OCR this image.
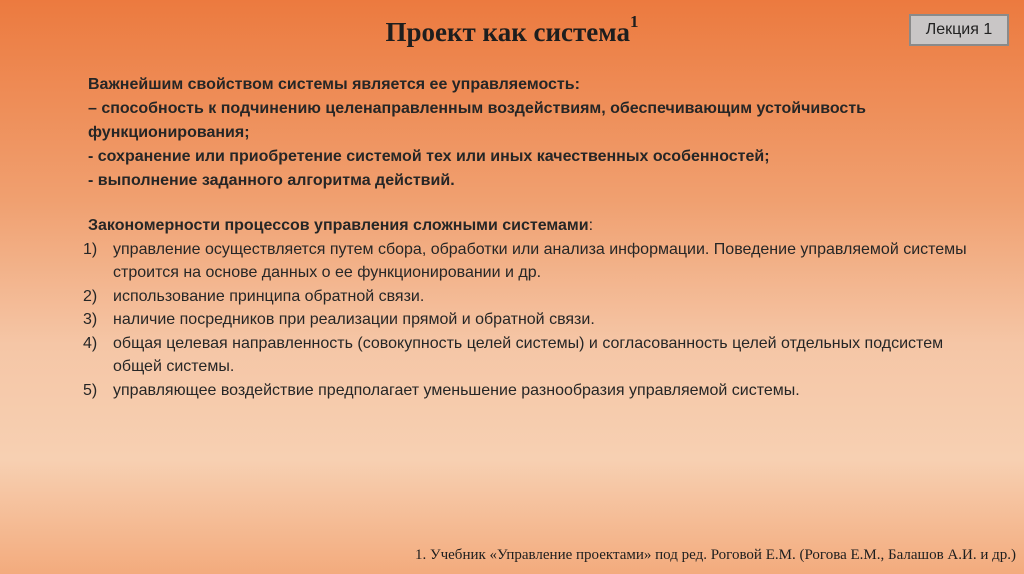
Проект как система$^1$	Лекция 1
Важнейшим свойством системы является ее управляемость:
– способность к подчинению целенаправленным воздействиям, обеспечивающим устойчивость
функционирования;
- сохранение или приобретение системой тех или иных качественных особенностей;
- выполнение заданного алгоритма действий.
Закономерности процессов управления сложными системами:
1) управление осуществляется путем сбора, обработки или анализа информации. Поведение управляемой системы строится на основе данных о ее функционировании и др.
2) использование принципа обратной связи.
3) наличие посредников при реализации прямой и обратной связи.
4) общая целевая направленность (совокупность целей системы) и согласованность целей отдельных подсистем общей системы.
5) управляющее воздействие предполагает уменьшение разнообразия управляемой системы.
1. Учебник «Управление проектами» под ред. Роговой Е.М. (Рогова Е.М., Балашов А.И. и др.)
